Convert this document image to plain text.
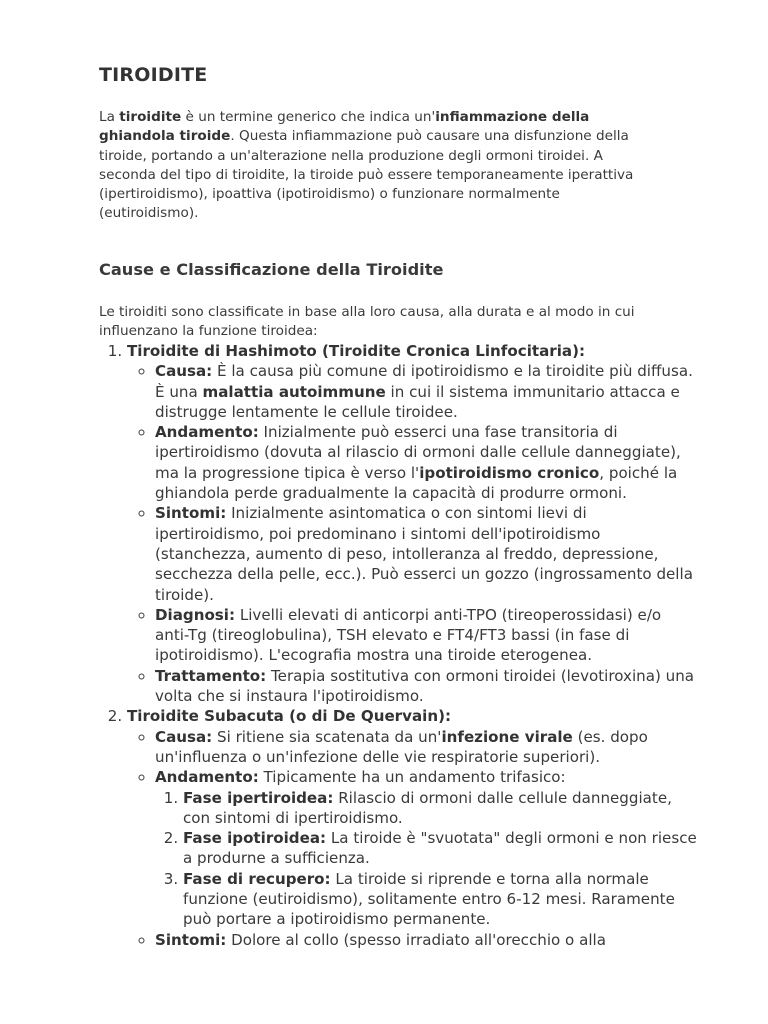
TIROIDITE

La tiroidite è un termine generico che indica un'infiammazione della ghiandola tiroide. Questa infiammazione può causare una disfunzione della tiroide, portando a un'alterazione nella produzione degli ormoni tiroidei. A seconda del tipo di tiroidite, la tiroide può essere temporaneamente iperattiva (ipertiroidismo), ipoattiva (ipotiroidismo) o funzionare normalmente (eutiroidismo).

Cause e Classificazione della Tiroidite

Le tiroiditi sono classificate in base alla loro causa, alla durata e al modo in cui influenzano la funzione tiroidea:

1. Tiroidite di Hashimoto (Tiroidite Cronica Linfocitaria):
◦ Causa: È la causa più comune di ipotiroidismo e la tiroidite più diffusa. È una malattia autoimmune in cui il sistema immunitario attacca e distrugge lentamente le cellule tiroidee.
◦ Andamento: Inizialmente può esserci una fase transitoria di ipertiroidismo (dovuta al rilascio di ormoni dalle cellule danneggiate), ma la progressione tipica è verso l'ipotiroidismo cronico, poiché la ghiandola perde gradualmente la capacità di produrre ormoni.
◦ Sintomi: Inizialmente asintomatica o con sintomi lievi di ipertiroidismo, poi predominano i sintomi dell'ipotiroidismo (stanchezza, aumento di peso, intolleranza al freddo, depressione, secchezza della pelle, ecc.). Può esserci un gozzo (ingrossamento della tiroide).
◦ Diagnosi: Livelli elevati di anticorpi anti-TPO (tireoperossidasi) e/o anti-Tg (tireoglobulina), TSH elevato e FT4/FT3 bassi (in fase di ipotiroidismo). L'ecografia mostra una tiroide eterogenea.
◦ Trattamento: Terapia sostitutiva con ormoni tiroidei (levotiroxina) una volta che si instaura l'ipotiroidismo.
2. Tiroidite Subacuta (o di De Quervain):
◦ Causa: Si ritiene sia scatenata da un'infezione virale (es. dopo un'influenza o un'infezione delle vie respiratorie superiori).
◦ Andamento: Tipicamente ha un andamento trifasico:
1. Fase ipertiroidea: Rilascio di ormoni dalle cellule danneggiate, con sintomi di ipertiroidismo.
2. Fase ipotiroidea: La tiroide è "svuotata" degli ormoni e non riesce a produrne a sufficienza.
3. Fase di recupero: La tiroide si riprende e torna alla normale funzione (eutiroidismo), solitamente entro 6-12 mesi. Raramente può portare a ipotiroidismo permanente.
◦ Sintomi: Dolore al collo (spesso irradiato all'orecchio o alla
